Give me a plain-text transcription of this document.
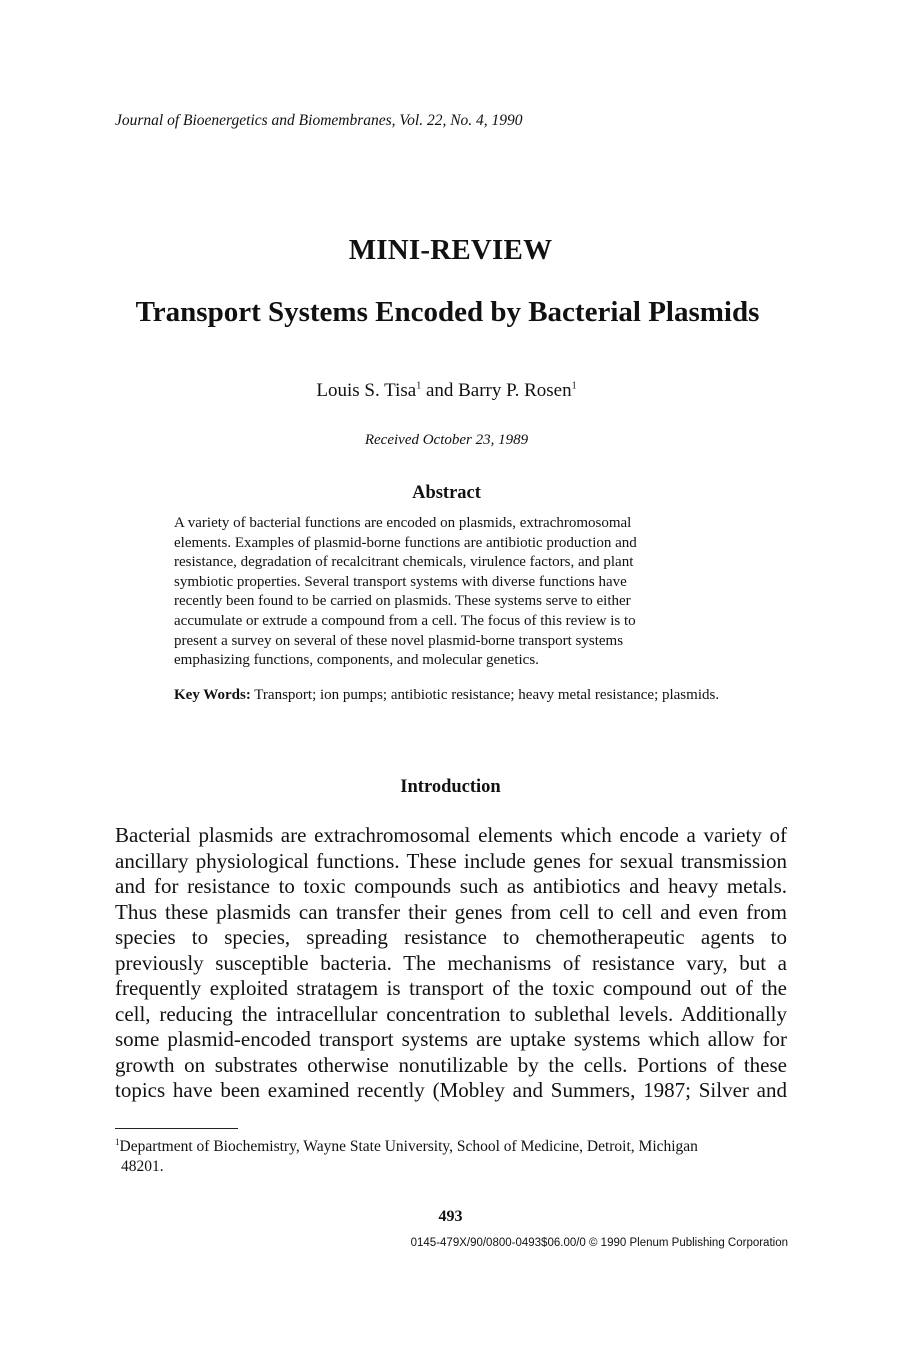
Journal of Bioenergetics and Biomembranes, Vol. 22, No. 4, 1990
MINI-REVIEW
Transport Systems Encoded by Bacterial Plasmids
Louis S. Tisa$^1$ and Barry P. Rosen$^1$
Received October 23, 1989
Abstract
A variety of bacterial functions are encoded on plasmids, extrachromosomal
elements. Examples of plasmid-borne functions are antibiotic production and
resistance, degradation of recalcitrant chemicals, virulence factors, and plant
symbiotic properties. Several transport systems with diverse functions have
recently been found to be carried on plasmids. These systems serve to either
accumulate or extrude a compound from a cell. The focus of this review is to
present a survey on several of these novel plasmid-borne transport systems
emphasizing functions, components, and molecular genetics.
Key Words: Transport; ion pumps; antibiotic resistance; heavy metal resistance; plasmids.
Introduction
Bacterial plasmids are extrachromosomal elements which encode a variety of
ancillary physiological functions. These include genes for sexual transmission
and for resistance to toxic compounds such as antibiotics and heavy metals.
Thus these plasmids can transfer their genes from cell to cell and even from
species to species, spreading resistance to chemotherapeutic agents to
previously susceptible bacteria. The mechanisms of resistance vary, but a
frequently exploited stratagem is transport of the toxic compound out of the
cell, reducing the intracellular concentration to sublethal levels. Additionally
some plasmid-encoded transport systems are uptake systems which allow for
growth on substrates otherwise nonutilizable by the cells. Portions of these
topics have been examined recently (Mobley and Summers, 1987; Silver and
$^1$Department of Biochemistry, Wayne State University, School of Medicine, Detroit, Michigan
48201.
493
0145-479X/90/0800-0493$06.00/0 © 1990 Plenum Publishing Corporation
